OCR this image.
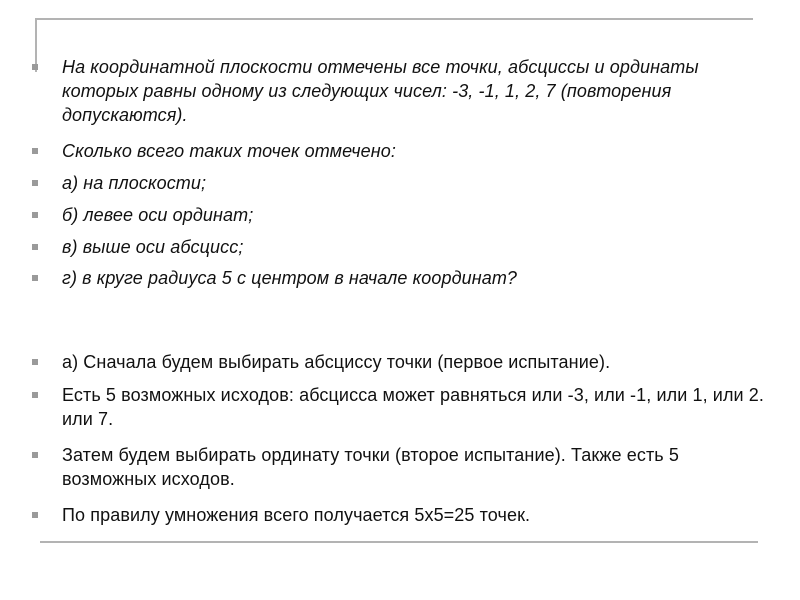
На координатной плоскости отмечены все точки, абсциссы и ординаты которых равны одному из следующих чисел: -3, -1, 1, 2, 7 (повторения допускаются).
Сколько всего таких точек отмечено:
а) на плоскости;
б) левее оси ординат;
в) выше оси абсцисс;
г) в круге радиуса 5 с центром в начале координат?
а) Сначала будем выбирать абсциссу точки (первое испытание).
Есть 5 возможных исходов: абсцисса может равняться или -3, или -1, или 1, или 2. или 7.
Затем будем выбирать ординату точки (второе испытание). Также есть 5 возможных исходов.
По правилу умножения всего получается 5х5=25 точек.
